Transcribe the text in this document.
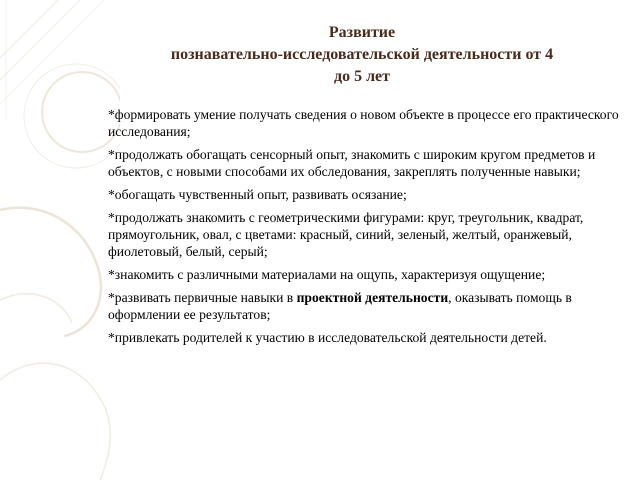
Развитие
познавательно-исследовательской деятельности от 4
до 5 лет

*формировать умение получать сведения о новом объекте в процессе его практического исследования;

*продолжать обогащать сенсорный опыт, знакомить с широким кругом предметов и объектов, с новыми способами их обследования, закреплять полученные навыки;

*обогащать чувственный опыт, развивать осязание;

*продолжать знакомить с геометрическими фигурами: круг, треугольник, квадрат, прямоугольник, овал, с цветами: красный, синий, зеленый, желтый, оранжевый, фиолетовый, белый, серый;

*знакомить с различными материалами на ощупь, характеризуя ощущение;

*развивать первичные навыки в проектной деятельности, оказывать помощь в оформлении ее результатов;

*привлекать родителей к участию в исследовательской деятельности детей.
